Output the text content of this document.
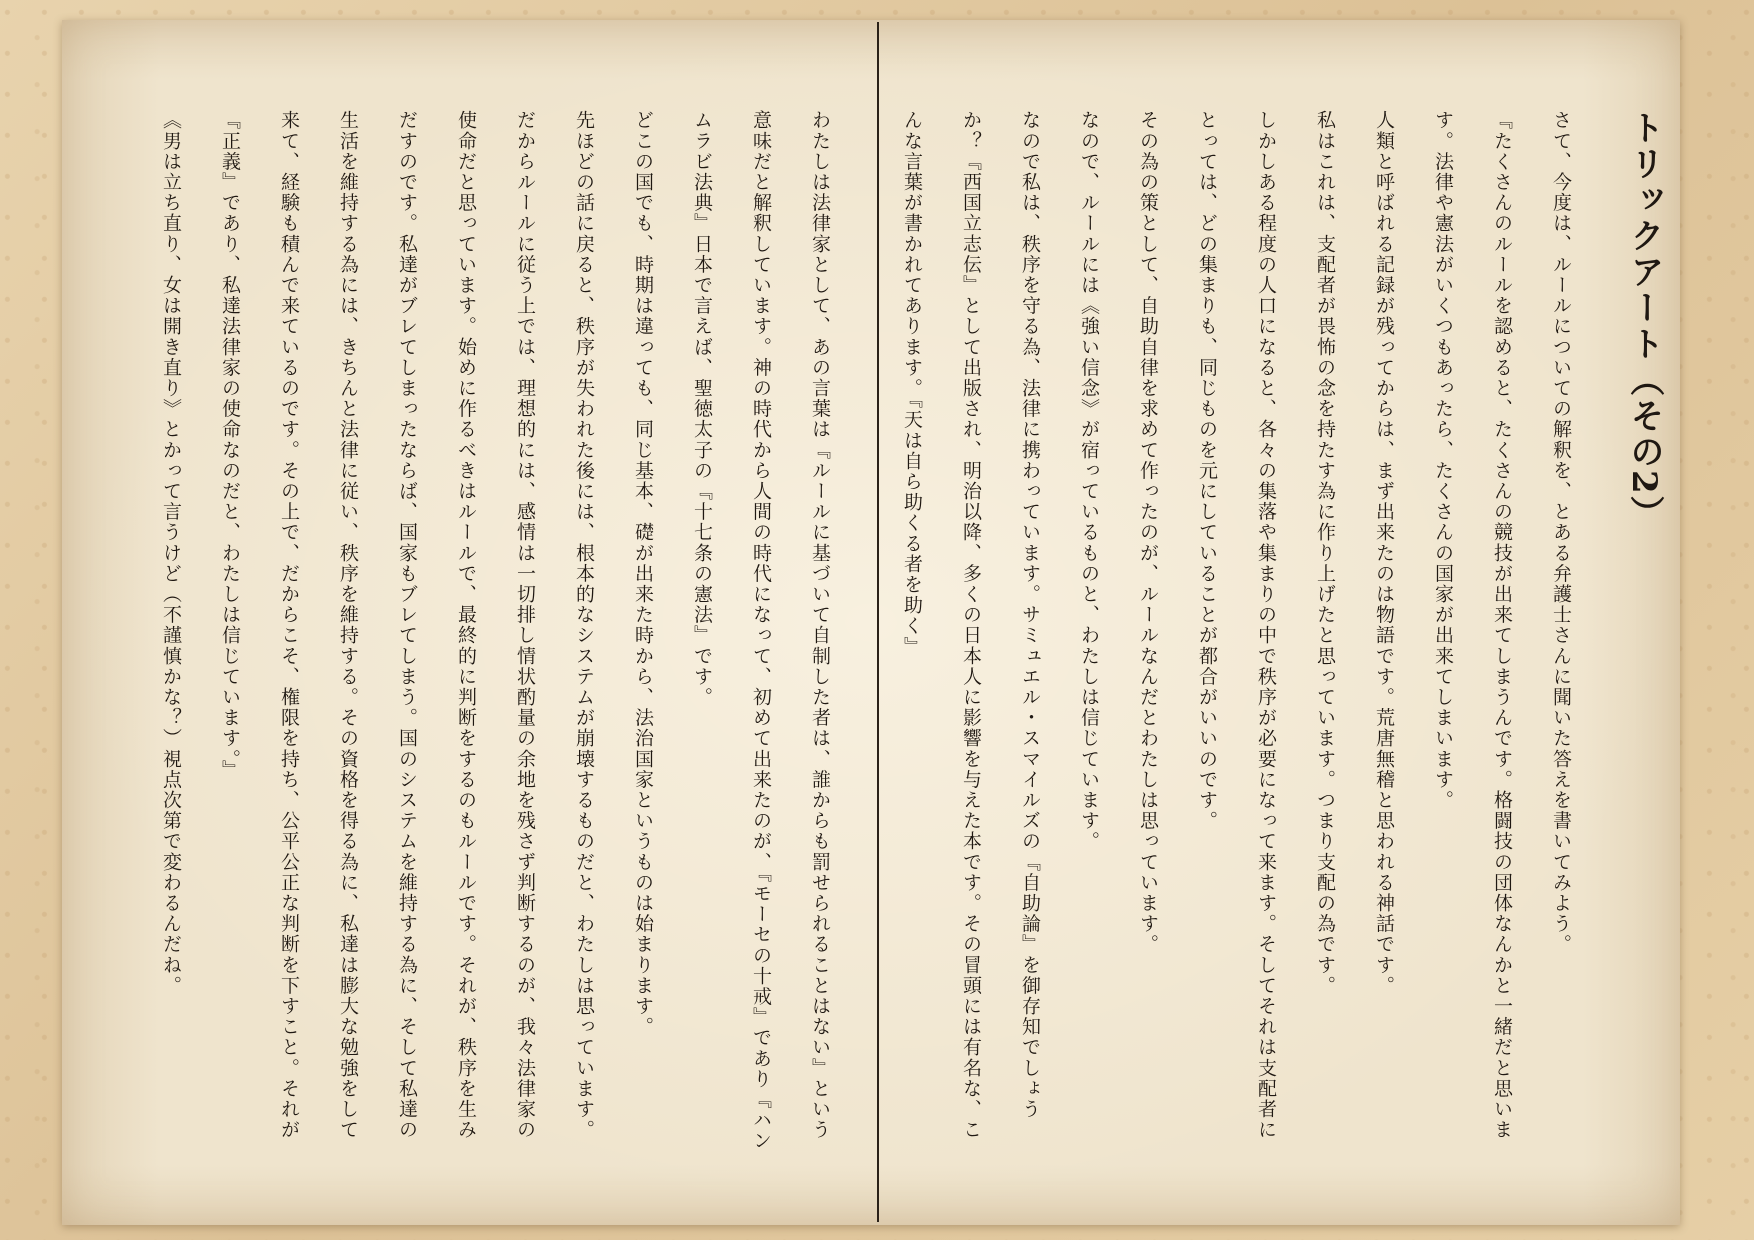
トリックアート（その2）

さて、今度は、ルールについての解釈を、とある弁護士さんに聞いた答えを書いてみよう。

『たくさんのルールを認めると、たくさんの競技が出来てしまうんです。格闘技の団体なんかと一緒だと思います。法律や憲法がいくつもあったら、たくさんの国家が出来てしまいます。

人類と呼ばれる記録が残ってからは、まず出来たのは物語です。荒唐無稽と思われる神話です。

私はこれは、支配者が畏怖の念を持たす為に作り上げたと思っています。つまり支配の為です。

しかしある程度の人口になると、各々の集落や集まりの中で秩序が必要になって来ます。そしてそれは支配者にとっては、どの集まりも、同じものを元にしていることが都合がいいのです。

その為の策として、自助自律を求めて作ったのが、ルールなんだとわたしは思っています。

なので、ルールには《強い信念》が宿っているものと、わたしは信じています。

なので私は、秩序を守る為、法律に携わっています。サミュエル・スマイルズの『自助論』を御存知でしょうか？『西国立志伝』として出版され、明治以降、多くの日本人に影響を与えた本です。その冒頭には有名な、こんな言葉が書かれてあります。『天は自ら助くる者を助く』

わたしは法律家として、あの言葉は『ルールに基づいて自制した者は、誰からも罰せられることはない』という意味だと解釈しています。神の時代から人間の時代になって、初めて出来たのが、『モーセの十戒』であり『ハンムラビ法典』日本で言えば、聖徳太子の『十七条の憲法』です。

どこの国でも、時期は違っても、同じ基本、礎が出来た時から、法治国家というものは始まります。

先ほどの話に戻ると、秩序が失われた後には、根本的なシステムが崩壊するものだと、わたしは思っています。だからルールに従う上では、理想的には、感情は一切排し情状酌量の余地を残さず判断するのが、我々法律家の使命だと思っています。始めに作るべきはルールで、最終的に判断をするのもルールです。それが、秩序を生みだすのです。私達がブレてしまったならば、国家もブレてしまう。国のシステムを維持する為に、そして私達の生活を維持する為には、きちんと法律に従い、秩序を維持する。その資格を得る為に、私達は膨大な勉強をして来て、経験も積んで来ているのです。その上で、だからこそ、権限を持ち、公平公正な判断を下すこと。それが『正義』であり、私達法律家の使命なのだと、わたしは信じています。』

《男は立ち直り、女は開き直り》とかって言うけど（不謹慎かな？）視点次第で変わるんだね。
